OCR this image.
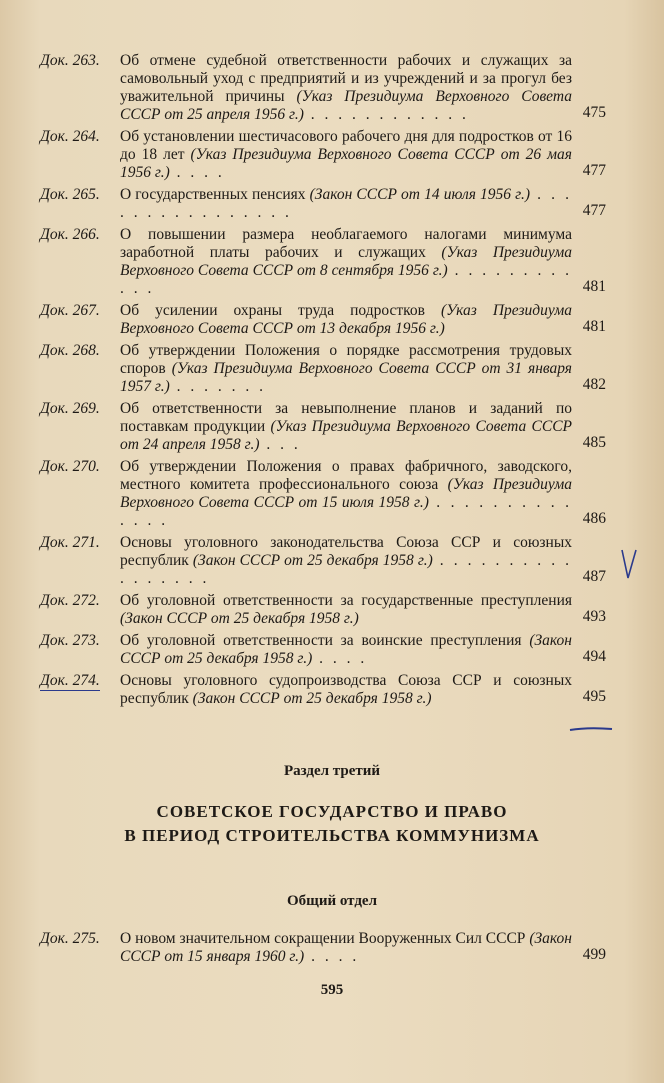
Док. 263.	Об отмене судебной ответственности рабочих и служащих за самовольный уход с предприятий и из учреждений и за прогул без уважительной причины (Указ Президиума Верховного Совета СССР от 25 апреля 1956 г.) . . . . . . . . . . . .	475
Док. 264.	Об установлении шестичасового рабочего дня для подростков от 16 до 18 лет (Указ Президиума Верховного Совета СССР от 26 мая 1956 г.) . . . .	477
Док. 265.	О государственных пенсиях (Закон СССР от 14 июля 1956 г.) . . . . . . . . . . . . . . . .	477
Док. 266.	О повышении размера необлагаемого налогами минимума заработной платы рабочих и служащих (Указ Президиума Верховного Совета СССР от 8 сентября 1956 г.) . . . . . . . . . . . .	481
Док. 267.	Об усилении охраны труда подростков (Указ Президиума Верховного Совета СССР от 13 декабря 1956 г.)	481
Док. 268.	Об утверждении Положения о порядке рассмотрения трудовых споров (Указ Президиума Верховного Совета СССР от 31 января 1957 г.) . . . . . . .	482
Док. 269.	Об ответственности за невыполнение планов и заданий по поставкам продукции (Указ Президиума Верховного Совета СССР от 24 апреля 1958 г.) . . .	485
Док. 270.	Об утверждении Положения о правах фабричного, заводского, местного комитета профессионального союза (Указ Президиума Верховного Совета СССР от 15 июля 1958 г.) . . . . . . . . . . . . . .	486
Док. 271.	Основы уголовного законодательства Союза ССР и союзных республик (Закон СССР от 25 декабря 1958 г.) . . . . . . . . . . . . . . . . .	487
Док. 272.	Об уголовной ответственности за государственные преступления (Закон СССР от 25 декабря 1958 г.)	493
Док. 273.	Об уголовной ответственности за воинские преступления (Закон СССР от 25 декабря 1958 г.) . . . .	494
Док. 274.	Основы уголовного судопроизводства Союза ССР и союзных республик (Закон СССР от 25 декабря 1958 г.)	495
Раздел третий
СОВЕТСКОЕ ГОСУДАРСТВО И ПРАВО
В ПЕРИОД СТРОИТЕЛЬСТВА КОММУНИЗМА
Общий отдел
Док. 275.	О новом значительном сокращении Вооруженных Сил СССР (Закон СССР от 15 января 1960 г.) . . . .	499
595
